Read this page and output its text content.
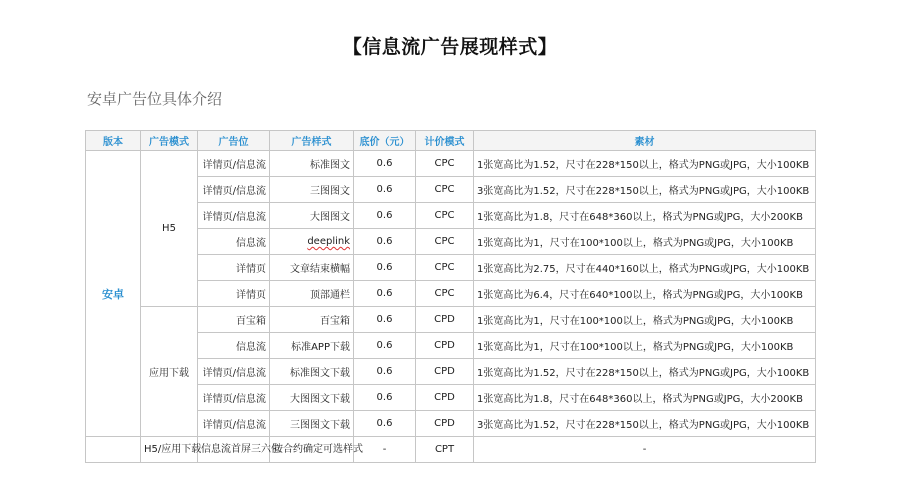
【信息流广告展现样式】
安卓广告位具体介绍
版本	广告模式	广告位	广告样式	底价（元）	计价模式	素材
安卓	H5	详情页/信息流	标准图文	0.6	CPC	1张宽高比为1.52，尺寸在228*150以上，格式为PNG或JPG，大小100KB
		详情页/信息流	三图图文	0.6	CPC	3张宽高比为1.52，尺寸在228*150以上，格式为PNG或JPG，大小100KB
		详情页/信息流	大图图文	0.6	CPC	1张宽高比为1.8，尺寸在648*360以上，格式为PNG或JPG，大小200KB
		信息流	deeplink	0.6	CPC	1张宽高比为1，尺寸在100*100以上，格式为PNG或JPG，大小100KB
		详情页	文章结束横幅	0.6	CPC	1张宽高比为2.75，尺寸在440*160以上，格式为PNG或JPG，大小100KB
		详情页	顶部通栏	0.6	CPC	1张宽高比为6.4，尺寸在640*100以上，格式为PNG或JPG，大小100KB
	应用下载	百宝箱	百宝箱	0.6	CPD	1张宽高比为1，尺寸在100*100以上，格式为PNG或JPG，大小100KB
		信息流	标准APP下载	0.6	CPD	1张宽高比为1，尺寸在100*100以上，格式为PNG或JPG，大小100KB
		详情页/信息流	标准图文下载	0.6	CPD	1张宽高比为1.52，尺寸在228*150以上，格式为PNG或JPG，大小100KB
		详情页/信息流	大图图文下载	0.6	CPD	1张宽高比为1.8，尺寸在648*360以上，格式为PNG或JPG，大小200KB
		详情页/信息流	三图图文下载	0.6	CPD	3张宽高比为1.52，尺寸在228*150以上，格式为PNG或JPG，大小100KB
	H5/应用下载	信息流首屏三六位	按合约确定可选样式	-	CPT	-
